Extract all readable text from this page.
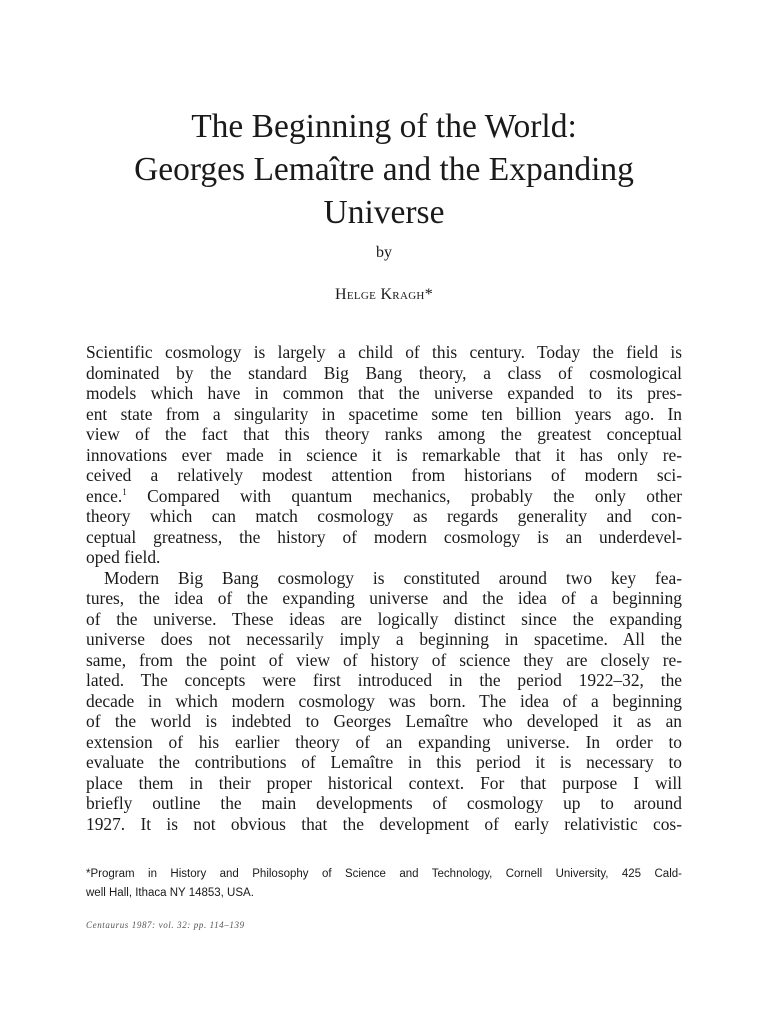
The Beginning of the World:
Georges Lemaître and the Expanding
Universe
by
Helge Kragh*
Scientific cosmology is largely a child of this century. Today the field is
dominated by the standard Big Bang theory, a class of cosmological
models which have in common that the universe expanded to its pres-
ent state from a singularity in spacetime some ten billion years ago. In
view of the fact that this theory ranks among the greatest conceptual
innovations ever made in science it is remarkable that it has only re-
ceived a relatively modest attention from historians of modern sci-
ence.$^1$ Compared with quantum mechanics, probably the only other
theory which can match cosmology as regards generality and con-
ceptual greatness, the history of modern cosmology is an underdevel-
oped field.
Modern Big Bang cosmology is constituted around two key fea-
tures, the idea of the expanding universe and the idea of a beginning
of the universe. These ideas are logically distinct since the expanding
universe does not necessarily imply a beginning in spacetime. All the
same, from the point of view of history of science they are closely re-
lated. The concepts were first introduced in the period 1922–32, the
decade in which modern cosmology was born. The idea of a beginning
of the world is indebted to Georges Lemaître who developed it as an
extension of his earlier theory of an expanding universe. In order to
evaluate the contributions of Lemaître in this period it is necessary to
place them in their proper historical context. For that purpose I will
briefly outline the main developments of cosmology up to around
1927. It is not obvious that the development of early relativistic cos-
*Program in History and Philosophy of Science and Technology, Cornell University, 425 Cald-
well Hall, Ithaca NY 14853, USA.
Centaurus 1987: vol. 32: pp. 114–139
